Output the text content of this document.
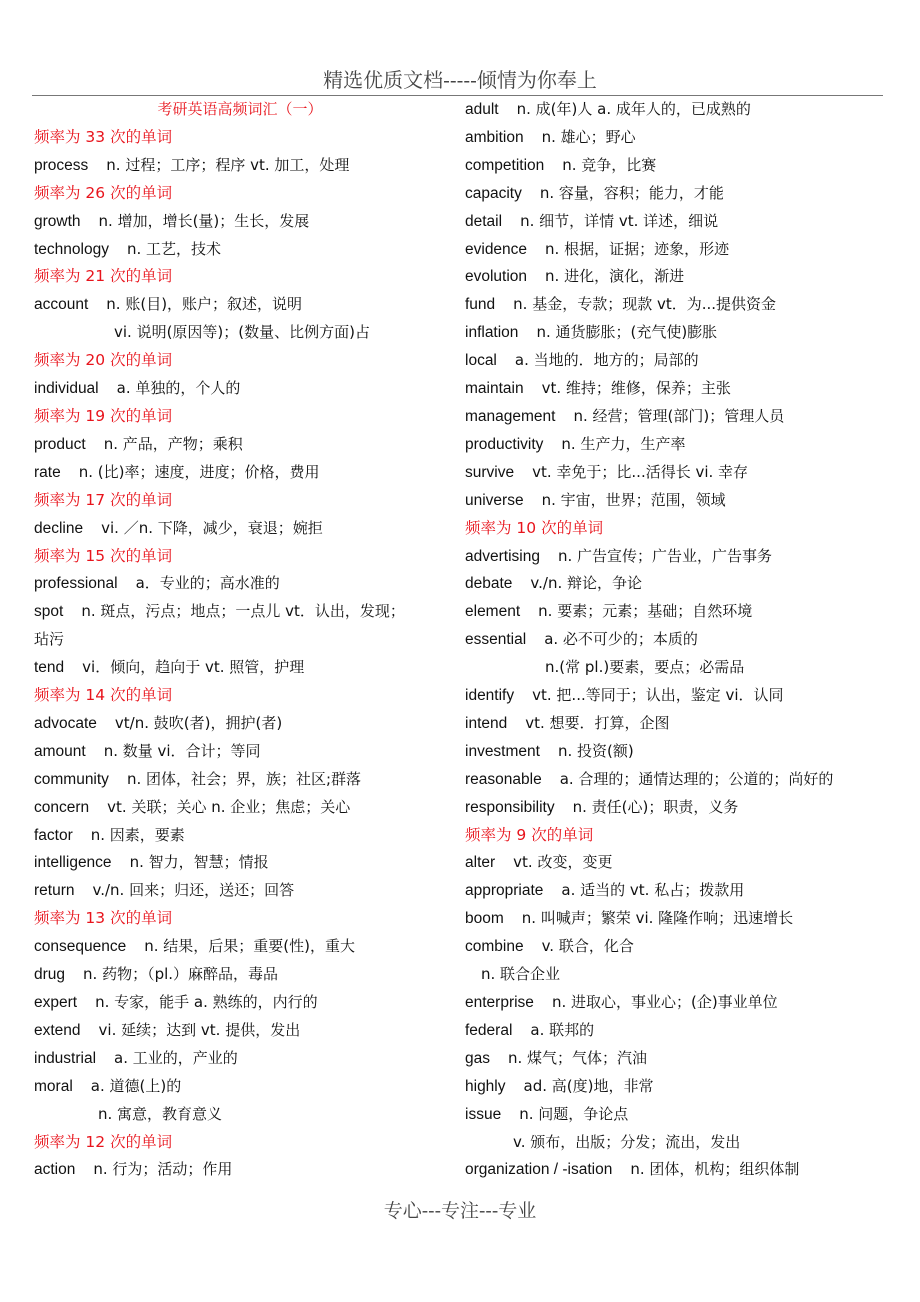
精选优质文档-----倾情为你奉上
考研英语高频词汇（一）
频率为 33 次的单词
process n. 过程；工序；程序 vt. 加工，处理
频率为 26 次的单词
growth n. 增加，增长(量)；生长，发展
technology n. 工艺，技术
频率为 21 次的单词
account n. 账(目)，账户；叙述，说明
vi. 说明(原因等)；(数量、比例方面)占
频率为 20 次的单词
individual a. 单独的，个人的
频率为 19 次的单词
product n. 产品，产物；乘积
rate n. (比)率；速度，进度；价格，费用
频率为 17 次的单词
decline vi. ／n. 下降，减少，衰退；婉拒
频率为 15 次的单词
professional a．专业的；高水准的
spot n. 斑点，污点；地点；一点儿 vt．认出，发现；
玷污
tend vi．倾向，趋向于 vt. 照管，护理
频率为 14 次的单词
advocate vt/n. 鼓吹(者)，拥护(者)
amount n. 数量 vi．合计；等同
community n. 团体，社会；界，族；社区;群落
concern vt. 关联；关心 n. 企业；焦虑；关心
factor n. 因素，要素
intelligence n. 智力，智慧；情报
return v./n. 回来；归还，送还；回答
频率为 13 次的单词
consequence n. 结果，后果；重要(性)，重大
drug n. 药物；（pl.）麻醉品，毒品
expert n. 专家，能手 a. 熟练的，内行的
extend vi. 延续；达到 vt. 提供，发出
industrial a. 工业的，产业的
moral a. 道德(上)的
n. 寓意，教育意义
频率为 12 次的单词
action n. 行为；活动；作用
adult n. 成(年)人 a. 成年人的，已成熟的
ambition n. 雄心；野心
competition n. 竞争，比赛
capacity n. 容量，容积；能力，才能
detail n. 细节，详情 vt. 详述，细说
evidence n. 根据，证据；迹象，形迹
evolution n. 进化，演化，渐进
fund n. 基金，专款；现款 vt．为...提供资金
inflation n. 通货膨胀；(充气使)膨胀
local a. 当地的．地方的；局部的
maintain vt. 维持；维修，保养；主张
management n. 经营；管理(部门)；管理人员
productivity n. 生产力，生产率
survive vt. 幸免于；比...活得长 vi. 幸存
universe n. 宇宙，世界；范围，领域
频率为 10 次的单词
advertising n. 广告宣传；广告业，广告事务
debate v./n. 辩论，争论
element n. 要素；元素；基础；自然环境
essential a. 必不可少的；本质的
n.(常 pl.)要素，要点；必需品
identify vt. 把...等同于；认出，鉴定 vi．认同
intend vt. 想要．打算，企图
investment n. 投资(额)
reasonable a. 合理的；通情达理的；公道的；尚好的
responsibility n. 责任(心)；职责，义务
频率为 9 次的单词
alter vt. 改变，变更
appropriate a. 适当的 vt. 私占；拨款用
boom n. 叫喊声；繁荣 vi. 隆隆作响；迅速增长
combine v. 联合，化合
n. 联合企业
enterprise n. 进取心，事业心；(企)事业单位
federal a. 联邦的
gas n. 煤气；气体；汽油
highly ad. 高(度)地，非常
issue n. 问题，争论点
v. 颁布，出版；分发；流出，发出
organization / -isation n. 团体，机构；组织体制
专心---专注---专业
